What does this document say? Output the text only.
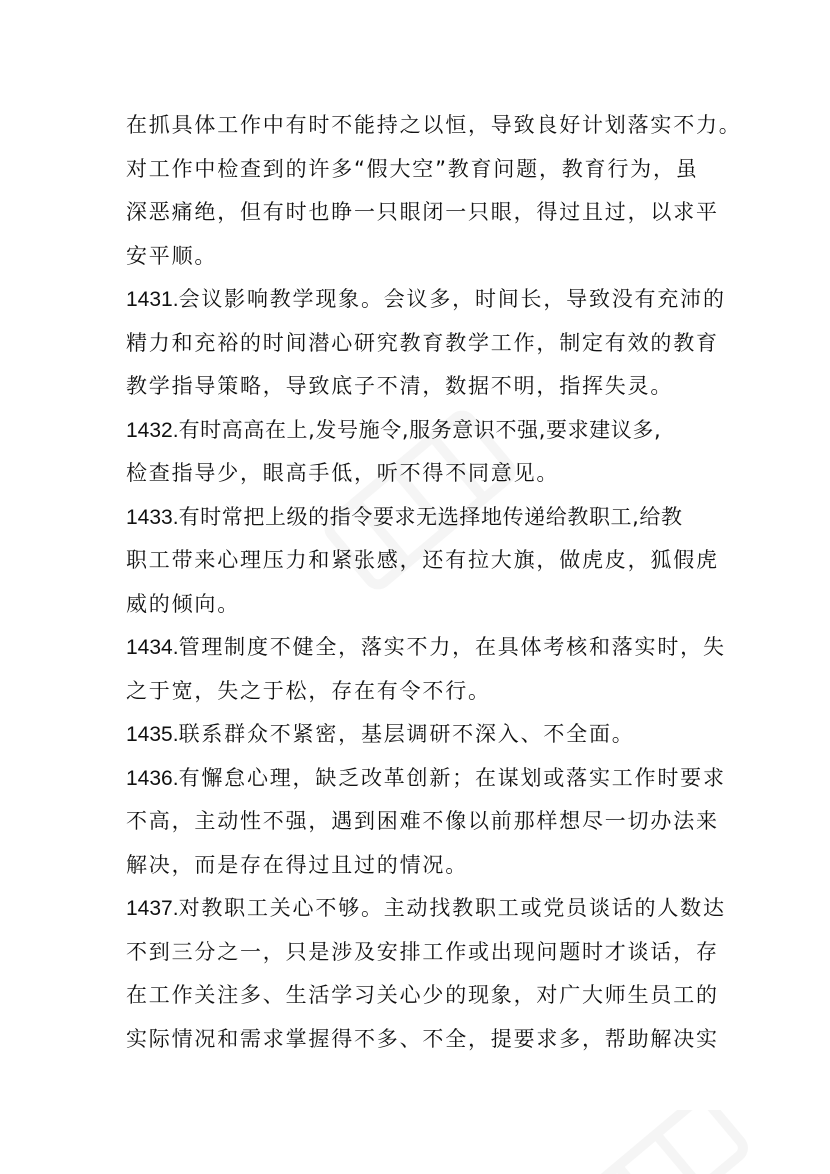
在抓具体工作中有时不能持之以恒，导致良好计划落实不力。
对工作中检查到的许多“假大空”教育问题，教育行为，虽
深恶痛绝，但有时也睁一只眼闭一只眼，得过且过，以求平
安平顺。
1431.会议影响教学现象。会议多，时间长，导致没有充沛的
精力和充裕的时间潜心研究教育教学工作，制定有效的教育
教学指导策略，导致底子不清，数据不明，指挥失灵。
1432.有时高高在上,发号施令,服务意识不强,要求建议多,
检查指导少，眼高手低，听不得不同意见。
1433.有时常把上级的指令要求无选择地传递给教职工,给教
职工带来心理压力和紧张感，还有拉大旗，做虎皮，狐假虎
威的倾向。
1434.管理制度不健全，落实不力，在具体考核和落实时，失
之于宽，失之于松，存在有令不行。
1435.联系群众不紧密，基层调研不深入、不全面。
1436.有懈怠心理，缺乏改革创新；在谋划或落实工作时要求
不高，主动性不强，遇到困难不像以前那样想尽一切办法来
解决，而是存在得过且过的情况。
1437.对教职工关心不够。主动找教职工或党员谈话的人数达
不到三分之一，只是涉及安排工作或出现问题时才谈话，存
在工作关注多、生活学习关心少的现象，对广大师生员工的
实际情况和需求掌握得不多、不全，提要求多，帮助解决实
